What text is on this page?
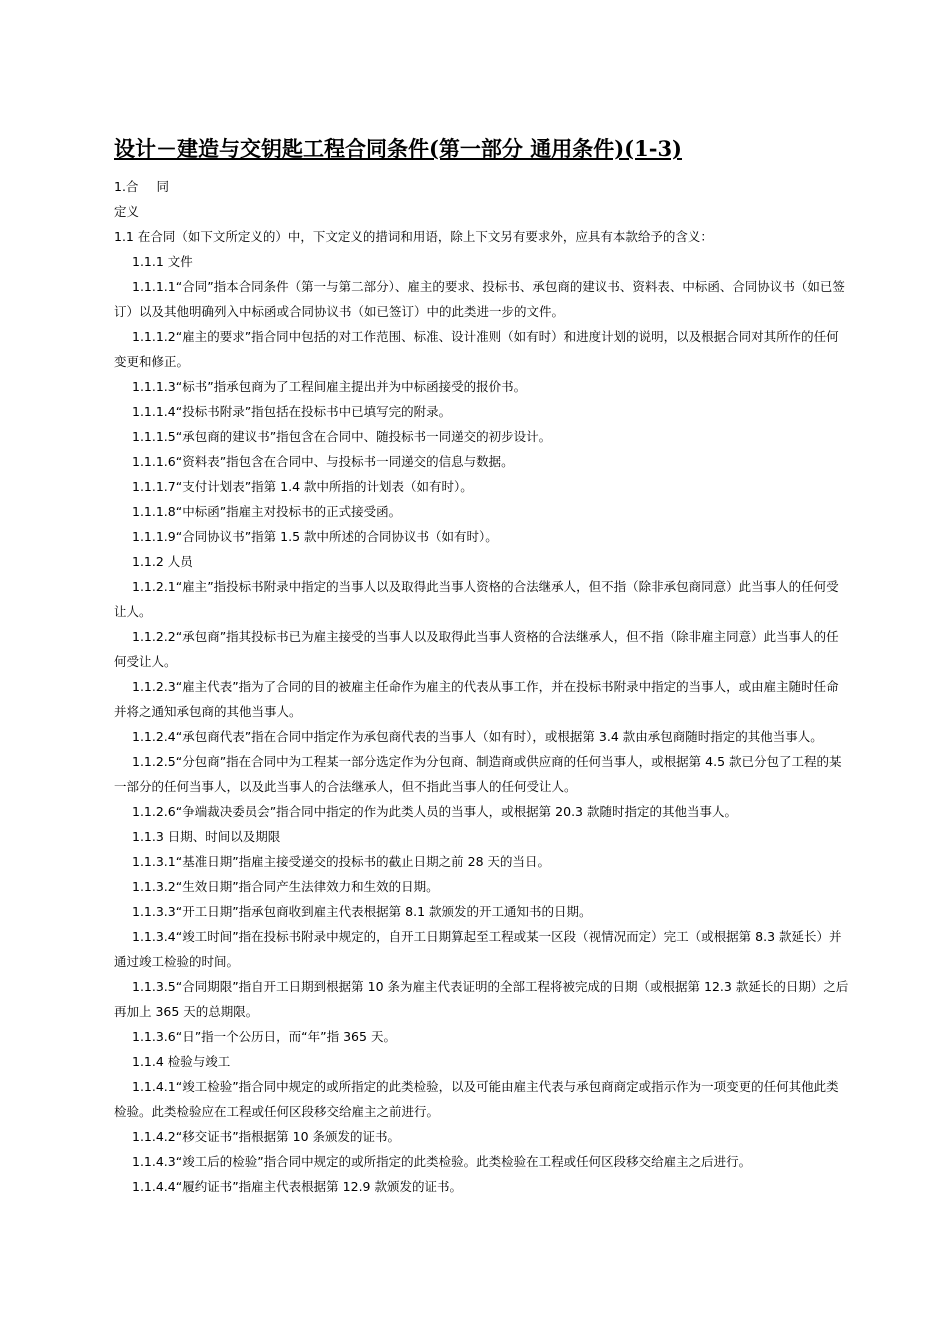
设计－建造与交钥匙工程合同条件(第一部分 通用条件)(1-3)

1.合 同

定义

1.1 在合同（如下文所定义的）中，下文定义的措词和用语，除上下文另有要求外，应具有本款给予的含义：

1.1.1 文件

1.1.1.1“合同”指本合同条件（第一与第二部分）、雇主的要求、投标书、承包商的建议书、资料表、中标函、合同协议书（如已签订）以及其他明确列入中标函或合同协议书（如已签订）中的此类进一步的文件。

1.1.1.2“雇主的要求”指合同中包括的对工作范围、标准、设计准则（如有时）和进度计划的说明，以及根据合同对其所作的任何变更和修正。

1.1.1.3“标书”指承包商为了工程间雇主提出并为中标函接受的报价书。

1.1.1.4“投标书附录”指包括在投标书中已填写完的附录。

1.1.1.5“承包商的建议书”指包含在合同中、随投标书一同递交的初步设计。

1.1.1.6“资料表”指包含在合同中、与投标书一同递交的信息与数据。

1.1.1.7“支付计划表”指第 1.4 款中所指的计划表（如有时）。

1.1.1.8“中标函”指雇主对投标书的正式接受函。

1.1.1.9“合同协议书”指第 1.5 款中所述的合同协议书（如有时）。

1.1.2 人员

1.1.2.1“雇主”指投标书附录中指定的当事人以及取得此当事人资格的合法继承人，但不指（除非承包商同意）此当事人的任何受让人。

1.1.2.2“承包商”指其投标书已为雇主接受的当事人以及取得此当事人资格的合法继承人，但不指（除非雇主同意）此当事人的任何受让人。

1.1.2.3“雇主代表”指为了合同的目的被雇主任命作为雇主的代表从事工作，并在投标书附录中指定的当事人，或由雇主随时任命并将之通知承包商的其他当事人。

1.1.2.4“承包商代表”指在合同中指定作为承包商代表的当事人（如有时），或根据第 3.4 款由承包商随时指定的其他当事人。

1.1.2.5“分包商”指在合同中为工程某一部分选定作为分包商、制造商或供应商的任何当事人，或根据第 4.5 款已分包了工程的某一部分的任何当事人，以及此当事人的合法继承人，但不指此当事人的任何受让人。

1.1.2.6“争端裁决委员会”指合同中指定的作为此类人员的当事人，或根据第 20.3 款随时指定的其他当事人。

1.1.3 日期、时间以及期限

1.1.3.1“基准日期”指雇主接受递交的投标书的截止日期之前 28 天的当日。

1.1.3.2“生效日期”指合同产生法律效力和生效的日期。

1.1.3.3“开工日期”指承包商收到雇主代表根据第 8.1 款颁发的开工通知书的日期。

1.1.3.4“竣工时间”指在投标书附录中规定的，自开工日期算起至工程或某一区段（视情况而定）完工（或根据第 8.3 款延长）并通过竣工检验的时间。

1.1.3.5“合同期限”指自开工日期到根据第 10 条为雇主代表证明的全部工程将被完成的日期（或根据第 12.3 款延长的日期）之后再加上 365 天的总期限。

1.1.3.6“日”指一个公历日，而“年”指 365 天。

1.1.4 检验与竣工

1.1.4.1“竣工检验”指合同中规定的或所指定的此类检验，以及可能由雇主代表与承包商商定或指示作为一项变更的任何其他此类检验。此类检验应在工程或任何区段移交给雇主之前进行。

1.1.4.2“移交证书”指根据第 10 条颁发的证书。

1.1.4.3“竣工后的检验”指合同中规定的或所指定的此类检验。此类检验在工程或任何区段移交给雇主之后进行。

1.1.4.4“履约证书”指雇主代表根据第 12.9 款颁发的证书。
